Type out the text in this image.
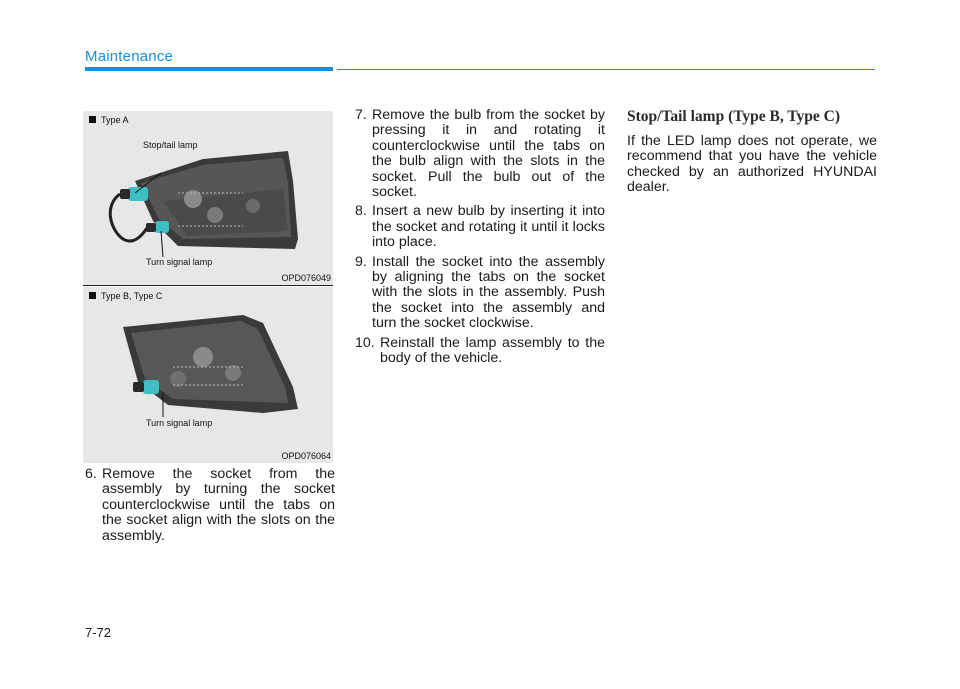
Maintenance
Type A
Stop/tail lamp
Turn signal lamp
OPD076049
Type B, Type C
Turn signal lamp
OPD076064
6. Remove the socket from the assembly by turning the socket counterclockwise until the tabs on the socket align with the slots on the assembly.
7. Remove the bulb from the socket by pressing it in and rotating it counterclockwise until the tabs on the bulb align with the slots in the socket. Pull the bulb out of the socket.
8. Insert a new bulb by inserting it into the socket and rotating it until it locks into place.
9. Install the socket into the assembly by aligning the tabs on the socket with the slots in the assembly. Push the socket into the assembly and turn the socket clockwise.
10. Reinstall the lamp assembly to the body of the vehicle.
Stop/Tail lamp (Type B, Type C)
If the LED lamp does not operate, we recommend that you have the vehicle checked by an authorized HYUNDAI dealer.
7-72
